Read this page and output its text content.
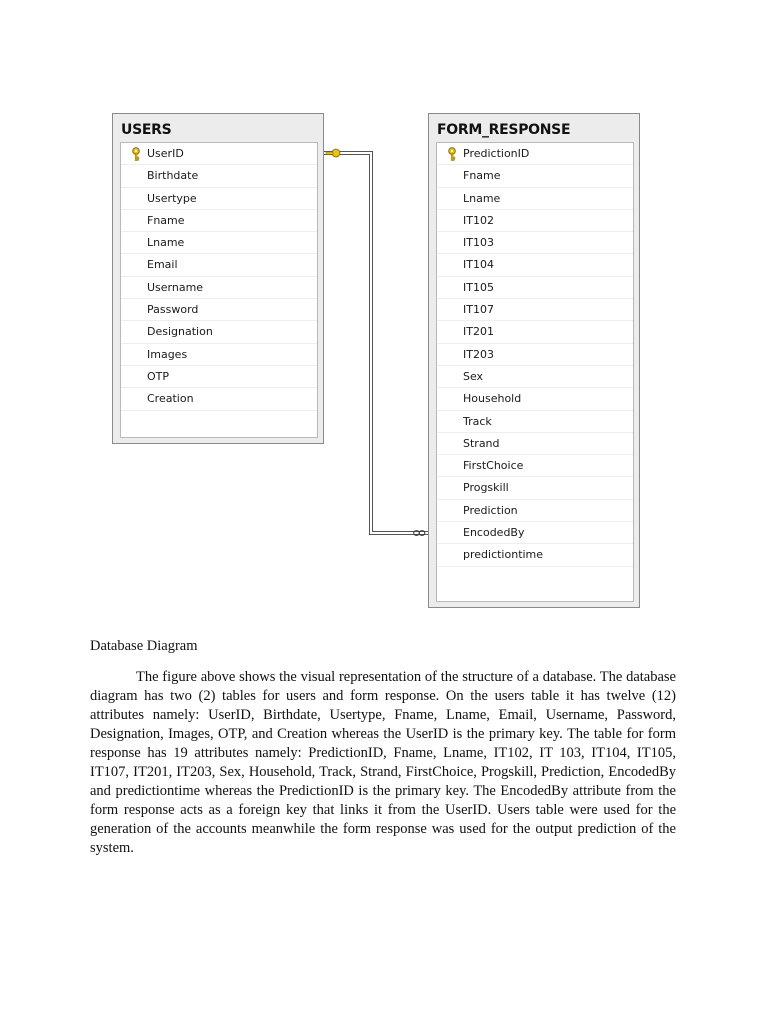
USERS
UserID
Birthdate
Usertype
Fname
Lname
Email
Username
Password
Designation
Images
OTP
Creation
FORM_RESPONSE
PredictionID
Fname
Lname
IT102
IT103
IT104
IT105
IT107
IT201
IT203
Sex
Household
Track
Strand
FirstChoice
Progskill
Prediction
EncodedBy
predictiontime
Database Diagram

The figure above shows the visual representation of the structure of a database. The database diagram has two (2) tables for users and form response. On the users table it has twelve (12) attributes namely: UserID, Birthdate, Usertype, Fname, Lname, Email, Username, Password, Designation, Images, OTP, and Creation whereas the UserID is the primary key. The table for form response has 19 attributes namely: PredictionID, Fname, Lname, IT102, IT 103, IT104, IT105, IT107, IT201, IT203, Sex, Household, Track, Strand, FirstChoice, Progskill, Prediction, EncodedBy and predictiontime whereas the PredictionID is the primary key. The EncodedBy attribute from the form response acts as a foreign key that links it from the UserID. Users table were used for the generation of the accounts meanwhile the form response was used for the output prediction of the system.
